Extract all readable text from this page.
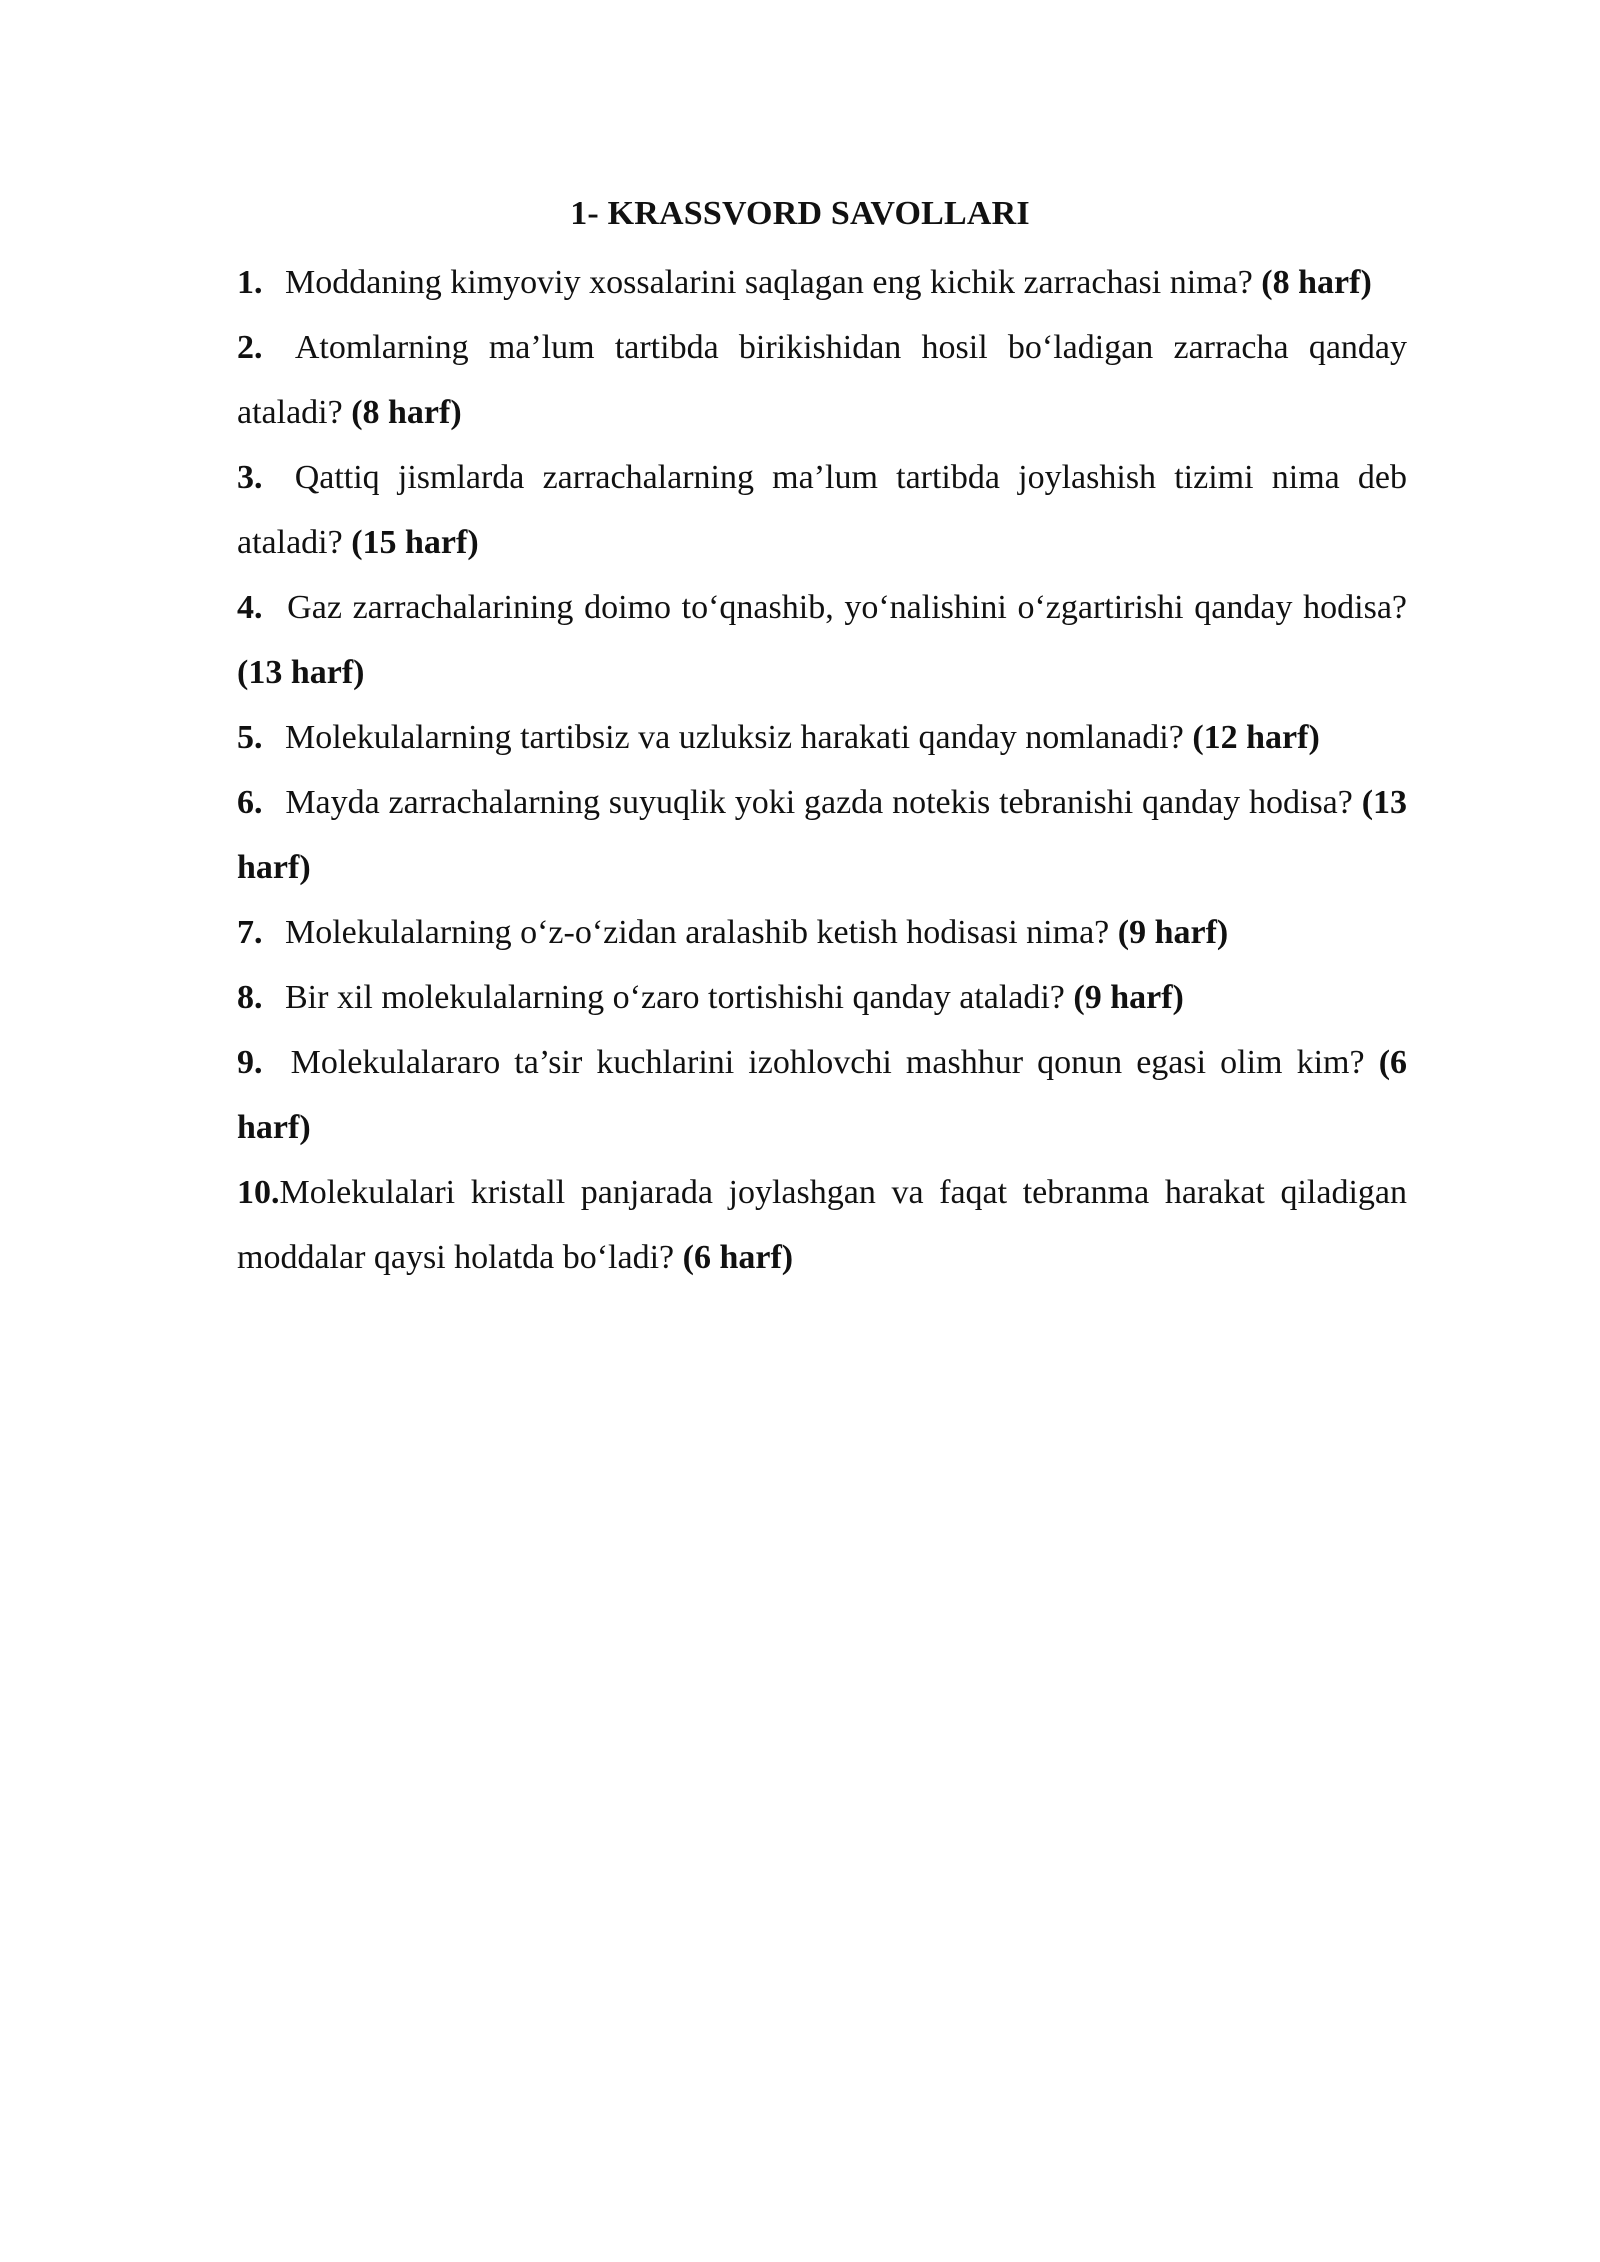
1- KRASSVORD SAVOLLARI
1. Moddaning kimyoviy xossalarini saqlagan eng kichik zarrachasi nima? (8 harf)
2. Atomlarning ma’lum tartibda birikishidan hosil bo‘ladigan zarracha qanday ataladi? (8 harf)
3. Qattiq jismlarda zarrachalarning ma’lum tartibda joylashish tizimi nima deb ataladi? (15 harf)
4. Gaz zarrachalarining doimo to‘qnashib, yo‘nalishini o‘zgartirishi qanday hodisa? (13 harf)
5. Molekulalarning tartibsiz va uzluksiz harakati qanday nomlanadi? (12 harf)
6. Mayda zarrachalarning suyuqlik yoki gazda notekis tebranishi qanday hodisa? (13 harf)
7. Molekulalarning o‘z-o‘zidan aralashib ketish hodisasi nima? (9 harf)
8. Bir xil molekulalarning o‘zaro tortishishi qanday ataladi? (9 harf)
9. Molekulalararo ta’sir kuchlarini izohlovchi mashhur qonun egasi olim kim? (6 harf)
10.Molekulalari kristall panjarada joylashgan va faqat tebranma harakat qiladigan moddalar qaysi holatda bo‘ladi? (6 harf)
